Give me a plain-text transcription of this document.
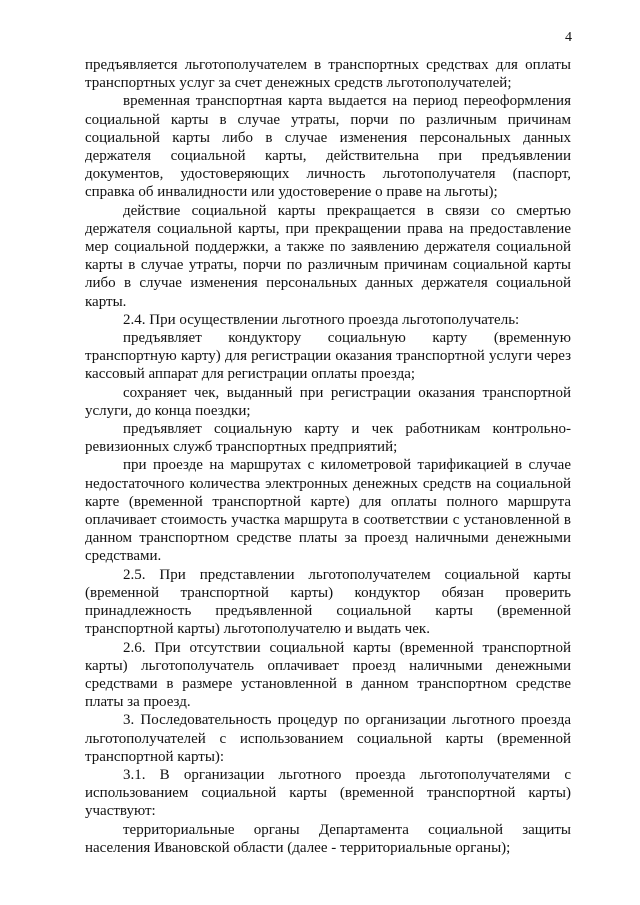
4

предъявляется льготополучателем в транспортных средствах для оплаты транспортных услуг за счет денежных средств льготополучателей;

временная транспортная карта выдается на период переоформления социальной карты в случае утраты, порчи по различным причинам социальной карты либо в случае изменения персональных данных держателя социальной карты, действительна при предъявлении документов, удостоверяющих личность льготополучателя (паспорт, справка об инвалидности или удостоверение о праве на льготы);

действие социальной карты прекращается в связи со смертью держателя социальной карты, при прекращении права на предоставление мер социальной поддержки, а также по заявлению держателя социальной карты в случае утраты, порчи по различным причинам социальной карты либо в случае изменения персональных данных держателя социальной карты.

2.4. При осуществлении льготного проезда льготополучатель:

предъявляет кондуктору социальную карту (временную транспортную карту) для регистрации оказания транспортной услуги через кассовый аппарат для регистрации оплаты проезда;

сохраняет чек, выданный при регистрации оказания транспортной услуги, до конца поездки;

предъявляет социальную карту и чек работникам контрольно-ревизионных служб транспортных предприятий;

при проезде на маршрутах с километровой тарификацией в случае недостаточного количества электронных денежных средств на социальной карте (временной транспортной карте) для оплаты полного маршрута оплачивает стоимость участка маршрута в соответствии с установленной в данном транспортном средстве платы за проезд наличными денежными средствами.

2.5. При представлении льготополучателем социальной карты (временной транспортной карты) кондуктор обязан проверить принадлежность предъявленной социальной карты (временной транспортной карты) льготополучателю и выдать чек.

2.6. При отсутствии социальной карты (временной транспортной карты) льготополучатель оплачивает проезд наличными денежными средствами в размере установленной в данном транспортном средстве платы за проезд.

3. Последовательность процедур по организации льготного проезда льготополучателей с использованием социальной карты (временной транспортной карты):

3.1. В организации льготного проезда льготополучателями с использованием социальной карты (временной транспортной карты) участвуют:

территориальные органы Департамента социальной защиты населения Ивановской области (далее - территориальные органы);
